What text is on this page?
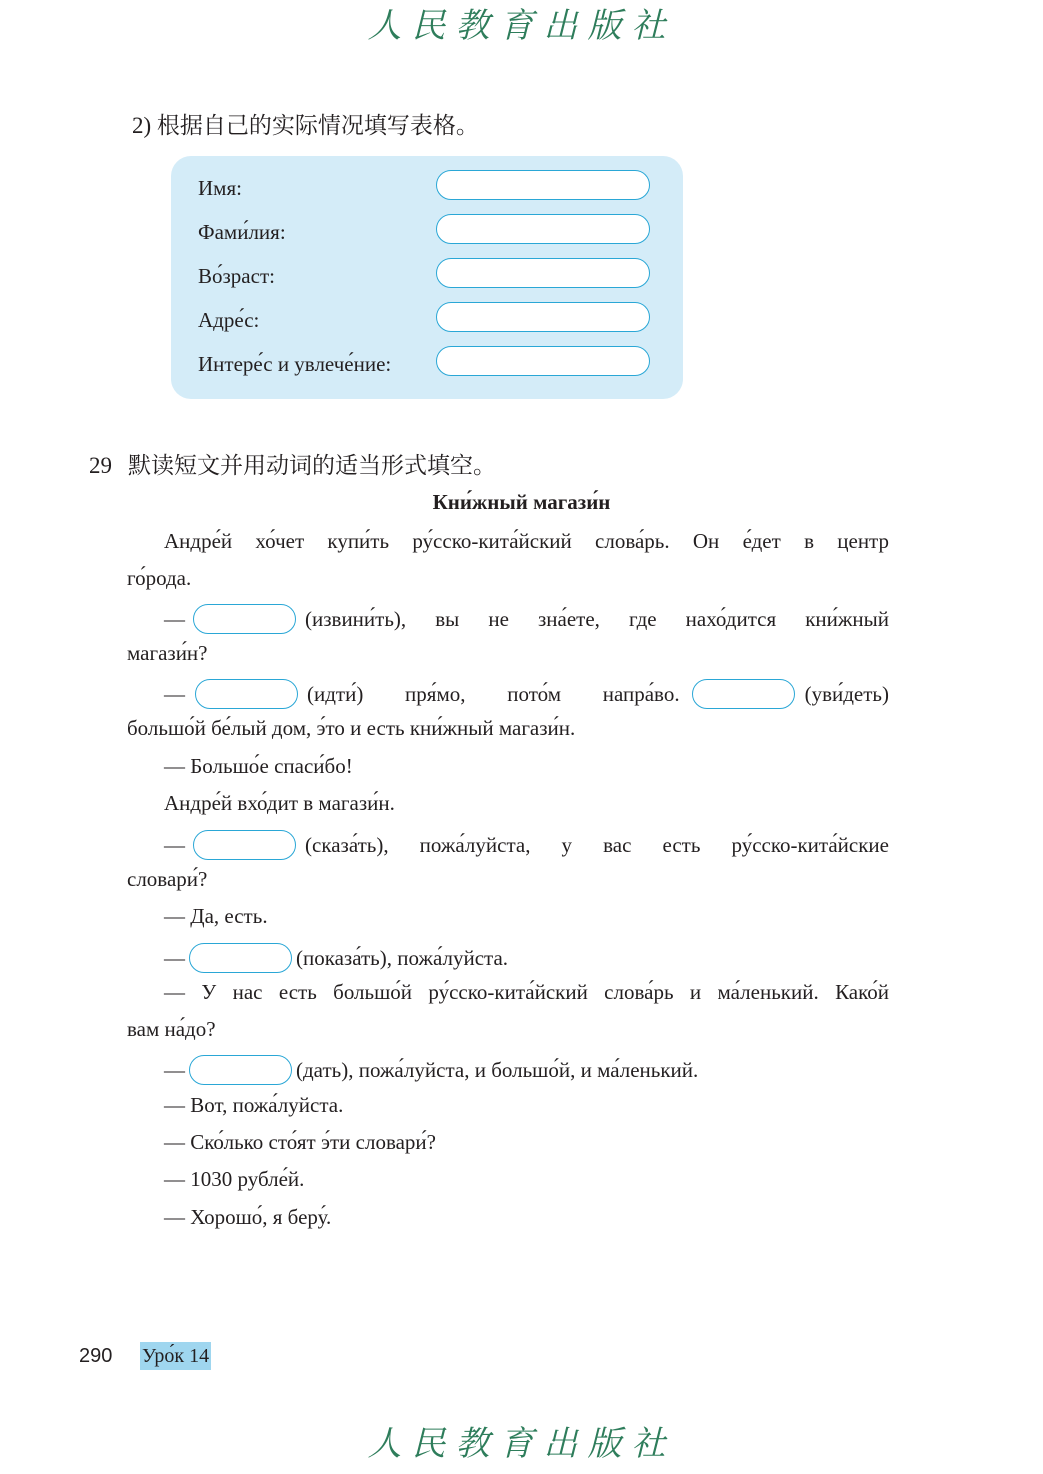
人民教育出版社
2) 根据自己的实际情况填写表格。
Имя:
Фами́лия:
Во́зраст:
Адре́с:
Интере́с и увлече́ние:
29 默读短文并用动词的适当形式填空。
Кни́жный магази́н
Андре́й хо́чет купи́ть ру́сско-кита́йский слова́рь. Он е́дет в центр
го́рода.
—	(извини́ть), вы не зна́ете, где нахо́дится кни́жный
магази́н?
—	(идти́) пря́мо, пото́м напра́во.	(уви́деть)
большо́й бе́лый дом, э́то и есть кни́жный магази́н.
— Большо́е спаси́бо!
Андре́й вхо́дит в магази́н.
—	(сказа́ть), пожа́луйста, у вас есть ру́сско-кита́йские
словари́?
— Да, есть.
—	(показа́ть), пожа́луйста.
— У нас есть большо́й ру́сско-кита́йский слова́рь и ма́ленький. Како́й
вам на́до?
—	(дать), пожа́луйста, и большо́й, и ма́ленький.
— Вот, пожа́луйста.
— Ско́лько сто́ят э́ти словари́?
— 1030 рубле́й.
— Хорошо́, я беру́.
290 Уро́к 14
人民教育出版社
